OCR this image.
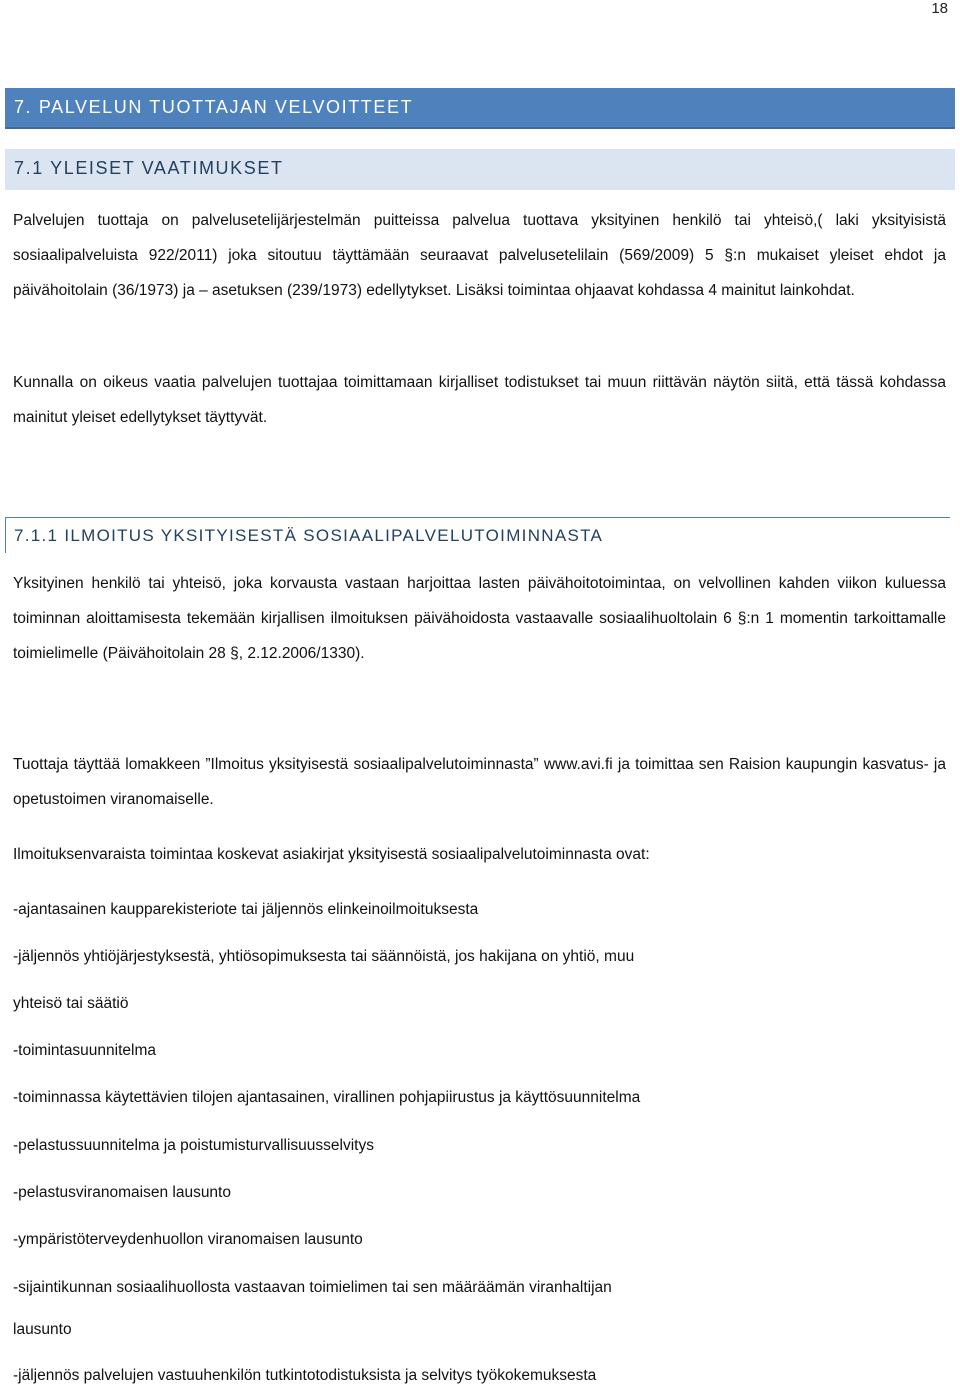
18
7. PALVELUN TUOTTAJAN VELVOITTEET
7.1 YLEISET VAATIMUKSET

Palvelujen tuottaja on palvelusetelijärjestelmän puitteissa palvelua tuottava yksityinen henkilö tai yhteisö,( laki yksityisistä sosiaalipalveluista 922/2011) joka sitoutuu täyttämään seuraavat palvelusetelilain (569/2009) 5 §:n mukaiset yleiset ehdot ja päivähoitolain (36/1973) ja – asetuksen (239/1973) edellytykset. Lisäksi toimintaa ohjaavat kohdassa 4 mainitut lainkohdat.

Kunnalla on oikeus vaatia palvelujen tuottajaa toimittamaan kirjalliset todistukset tai muun riittävän näytön siitä, että tässä kohdassa mainitut yleiset edellytykset täyttyvät.

7.1.1 ILMOITUS YKSITYISESTÄ SOSIAALIPALVELUTOIMINNASTA

Yksityinen henkilö tai yhteisö, joka korvausta vastaan harjoittaa lasten päivähoitotoimintaa, on velvollinen kahden viikon kuluessa toiminnan aloittamisesta tekemään kirjallisen ilmoituksen päivähoidosta vastaavalle sosiaalihuoltolain 6 §:n 1 momentin tarkoittamalle toimielimelle (Päivähoitolain 28 §, 2.12.2006/1330).

Tuottaja täyttää lomakkeen ”Ilmoitus yksityisestä sosiaalipalvelutoiminnasta” www.avi.fi ja toimittaa sen Raision kaupungin kasvatus- ja opetustoimen viranomaiselle.

Ilmoituksenvaraista toimintaa koskevat asiakirjat yksityisestä sosiaalipalvelutoiminnasta ovat:

-ajantasainen kaupparekisteriote tai jäljennös elinkeinoilmoituksesta

-jäljennös yhtiöjärjestyksestä, yhtiösopimuksesta tai säännöistä, jos hakijana on yhtiö, muu

yhteisö tai säätiö

-toimintasuunnitelma

-toiminnassa käytettävien tilojen ajantasainen, virallinen pohjapiirustus ja käyttösuunnitelma

-pelastussuunnitelma ja poistumisturvallisuusselvitys

-pelastusviranomaisen lausunto

-ympäristöterveydenhuollon viranomaisen lausunto

-sijaintikunnan sosiaalihuollosta vastaavan toimielimen tai sen määräämän viranhaltijan

lausunto

-jäljennös palvelujen vastuuhenkilön tutkintotodistuksista ja selvitys työkokemuksesta
